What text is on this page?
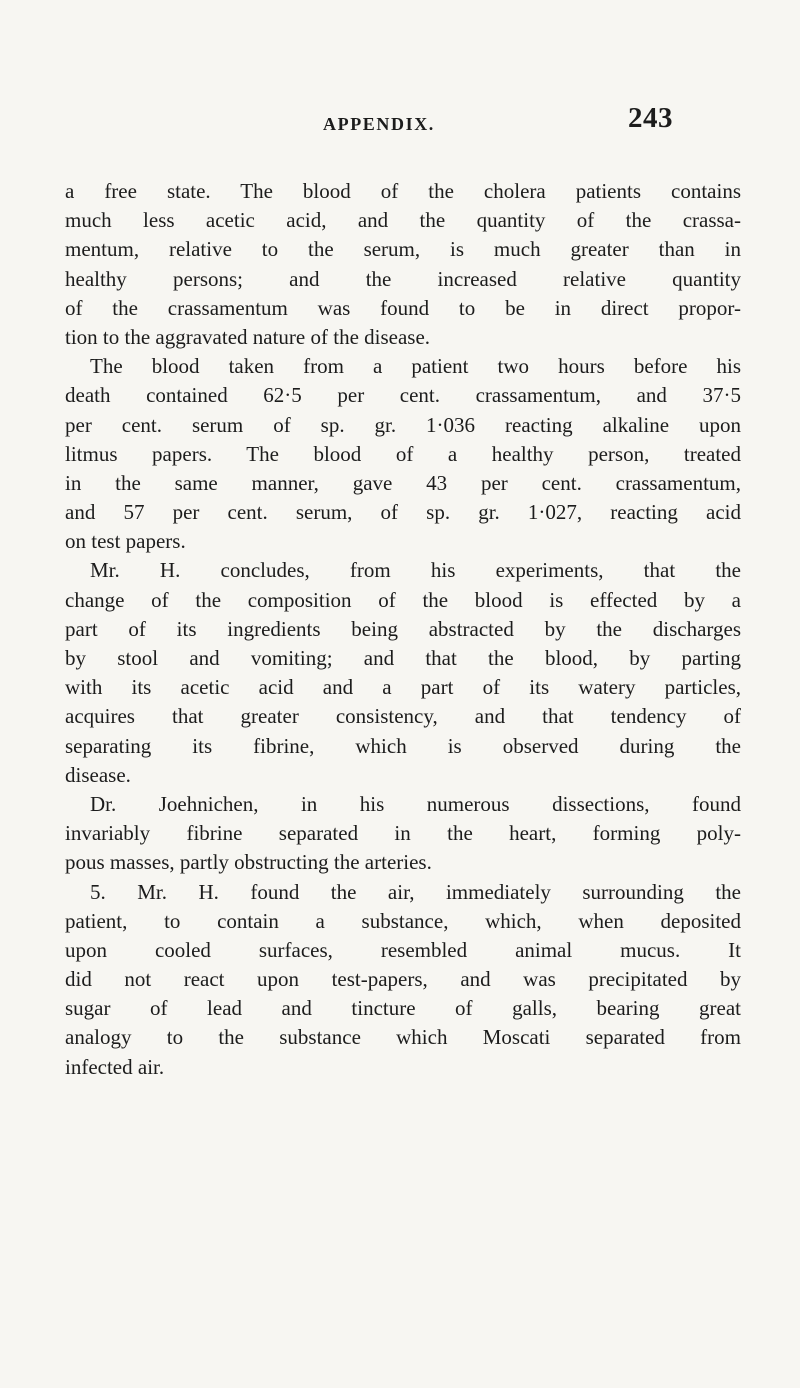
APPENDIX.	243
a free state. The blood of the cholera patients contains
much less acetic acid, and the quantity of the crassa-
mentum, relative to the serum, is much greater than in
healthy persons; and the increased relative quantity
of the crassamentum was found to be in direct propor-
tion to the aggravated nature of the disease.
The blood taken from a patient two hours before his
death contained 62·5 per cent. crassamentum, and 37·5
per cent. serum of sp. gr. 1·036 reacting alkaline upon
litmus papers. The blood of a healthy person, treated
in the same manner, gave 43 per cent. crassamentum,
and 57 per cent. serum, of sp. gr. 1·027, reacting acid
on test papers.
Mr. H. concludes, from his experiments, that the
change of the composition of the blood is effected by a
part of its ingredients being abstracted by the discharges
by stool and vomiting; and that the blood, by parting
with its acetic acid and a part of its watery particles,
acquires that greater consistency, and that tendency of
separating its fibrine, which is observed during the
disease.
Dr. Joehnichen, in his numerous dissections, found
invariably fibrine separated in the heart, forming poly-
pous masses, partly obstructing the arteries.
5. Mr. H. found the air, immediately surrounding the
patient, to contain a substance, which, when deposited
upon cooled surfaces, resembled animal mucus. It
did not react upon test-papers, and was precipitated by
sugar of lead and tincture of galls, bearing great
analogy to the substance which Moscati separated from
infected air.
